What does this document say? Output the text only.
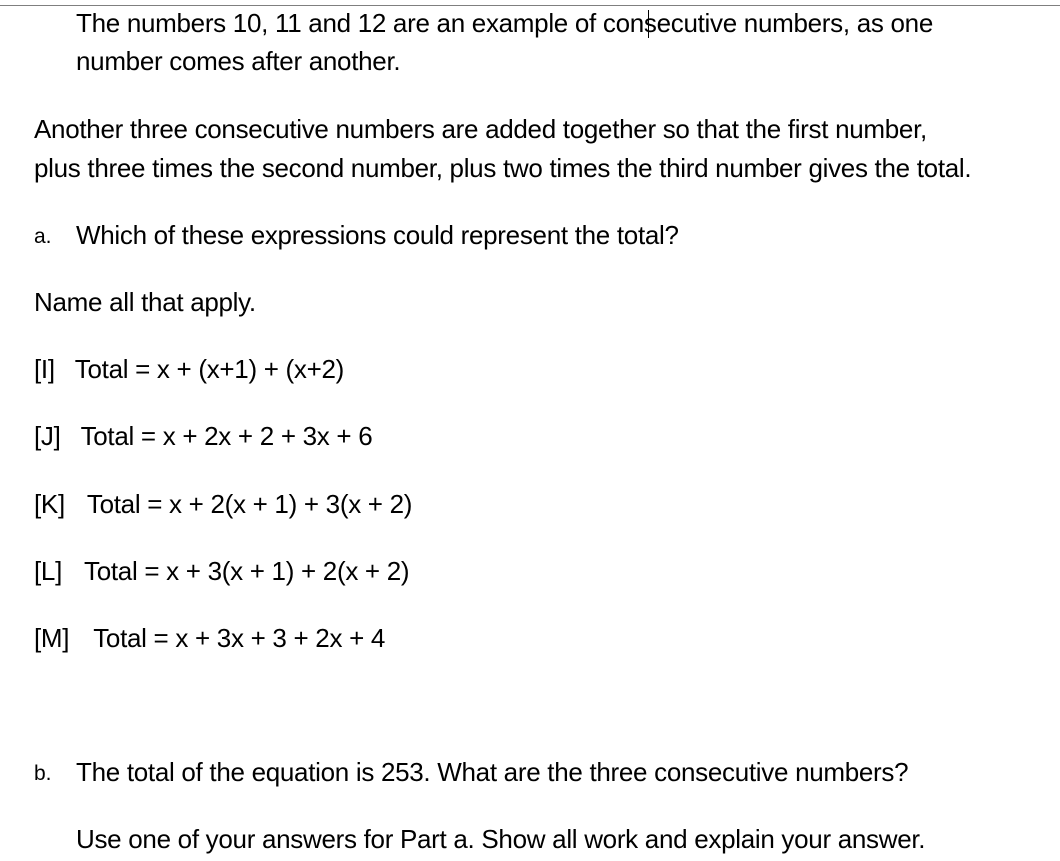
The numbers 10, 11 and 12 are an example of consecutive numbers, as one
number comes after another.
Another three consecutive numbers are added together so that the first number,
plus three times the second number, plus two times the third number gives the total.
a. Which of these expressions could represent the total?
Name all that apply.
[I] Total = x + (x+1) + (x+2)
[J] Total = x + 2x + 2 + 3x + 6
[K] Total = x + 2(x + 1) + 3(x + 2)
[L] Total = x + 3(x + 1) + 2(x + 2)
[M] Total = x + 3x + 3 + 2x + 4
b. The total of the equation is 253. What are the three consecutive numbers?
Use one of your answers for Part a. Show all work and explain your answer.
